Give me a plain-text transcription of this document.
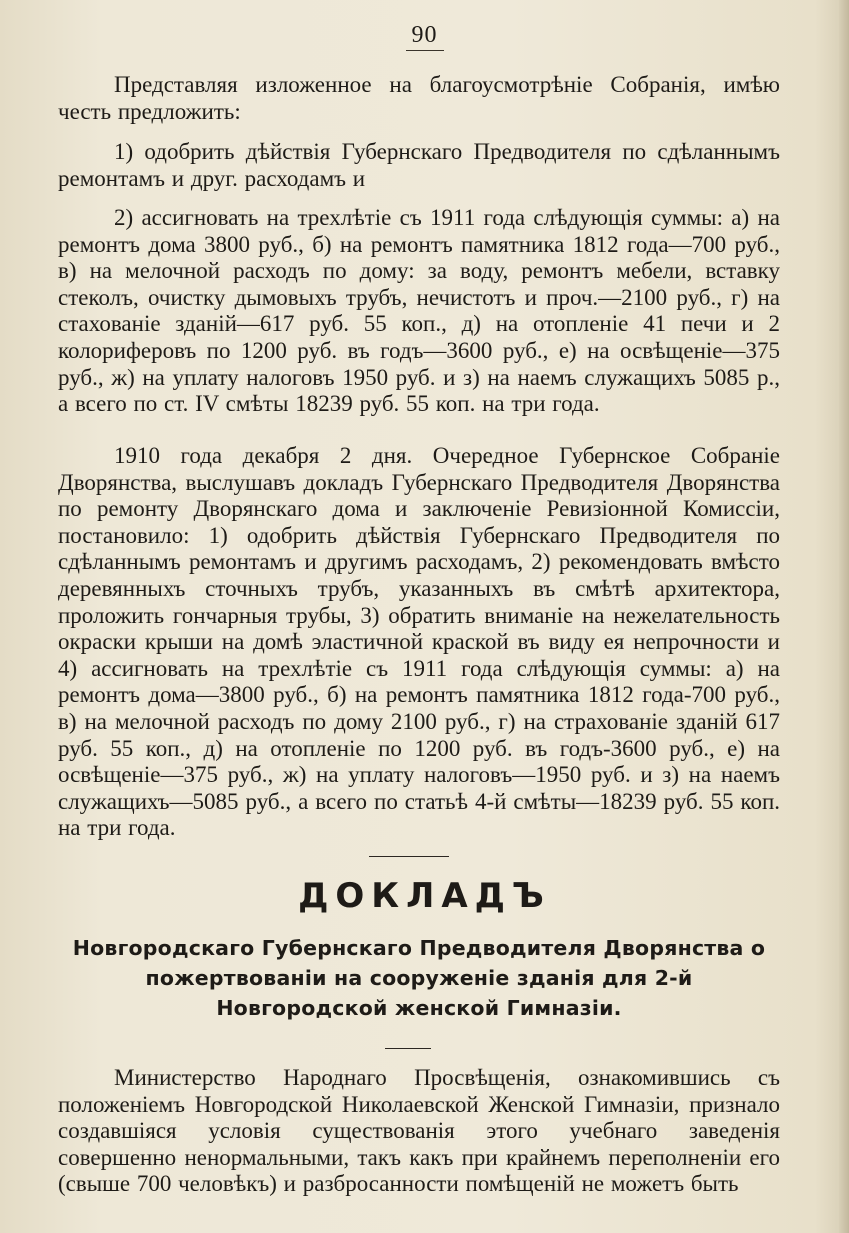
90

Представляя изложенное на благоусмотрѣніе Собранія, имѣю честь предложить:

1) одобрить дѣйствія Губернскаго Предводителя по сдѣланнымъ ремонтамъ и друг. расходамъ и

2) ассигновать на трехлѣтіе съ 1911 года слѣдующія суммы: а) на ремонтъ дома 3800 руб., б) на ремонтъ памятника 1812 года—700 руб., в) на мелочной расходъ по дому: за воду, ремонтъ мебели, вставку стеколъ, очистку дымовыхъ трубъ, нечистотъ и проч.—2100 руб., г) на стахованіе зданій—617 руб. 55 коп., д) на отопленіе 41 печи и 2 колориферовъ по 1200 руб. въ годъ—3600 руб., е) на освѣщеніе—375 руб., ж) на уплату налоговъ 1950 руб. и з) на наемъ служащихъ 5085 р., а всего по ст. IV смѣты 18239 руб. 55 коп. на три года.

1910 года декабря 2 дня. Очередное Губернское Собраніе Дворянства, выслушавъ докладъ Губернскаго Предводителя Дворянства по ремонту Дворянскаго дома и заключеніе Ревизіонной Комиссіи, постановило: 1) одобрить дѣйствія Губернскаго Предводителя по сдѣланнымъ ремонтамъ и другимъ расходамъ, 2) рекомендовать вмѣсто деревянныхъ сточныхъ трубъ, указанныхъ въ смѣтѣ архитектора, проложить гончарныя трубы, 3) обратить вниманіе на нежелательность окраски крыши на домѣ эластичной краской въ виду ея непрочности и 4) ассигновать на трехлѣтіе съ 1911 года слѣдующія суммы: а) на ремонтъ дома—3800 руб., б) на ремонтъ памятника 1812 года-700 руб., в) на мелочной расходъ по дому 2100 руб., г) на страхованіе зданій 617 руб. 55 коп., д) на отопленіе по 1200 руб. въ годъ-3600 руб., е) на освѣщеніе—375 руб., ж) на уплату налоговъ—1950 руб. и з) на наемъ служащихъ—5085 руб., а всего по статьѣ 4-й смѣты—18239 руб. 55 коп. на три года.

ДОКЛАДЪ
Новгородскаго Губернскаго Предводителя Дворянства о пожертвованіи на сооруженіе зданія для 2-й Новгородской женской Гимназіи.

Министерство Народнаго Просвѣщенія, ознакомившись съ положеніемъ Новгородской Николаевской Женской Гимназіи, признало создавшіяся условія существованія этого учебнаго заведенія совершенно ненормальными, такъ какъ при крайнемъ переполненіи его (свыше 700 человѣкъ) и разбросанности помѣщеній не можетъ быть
